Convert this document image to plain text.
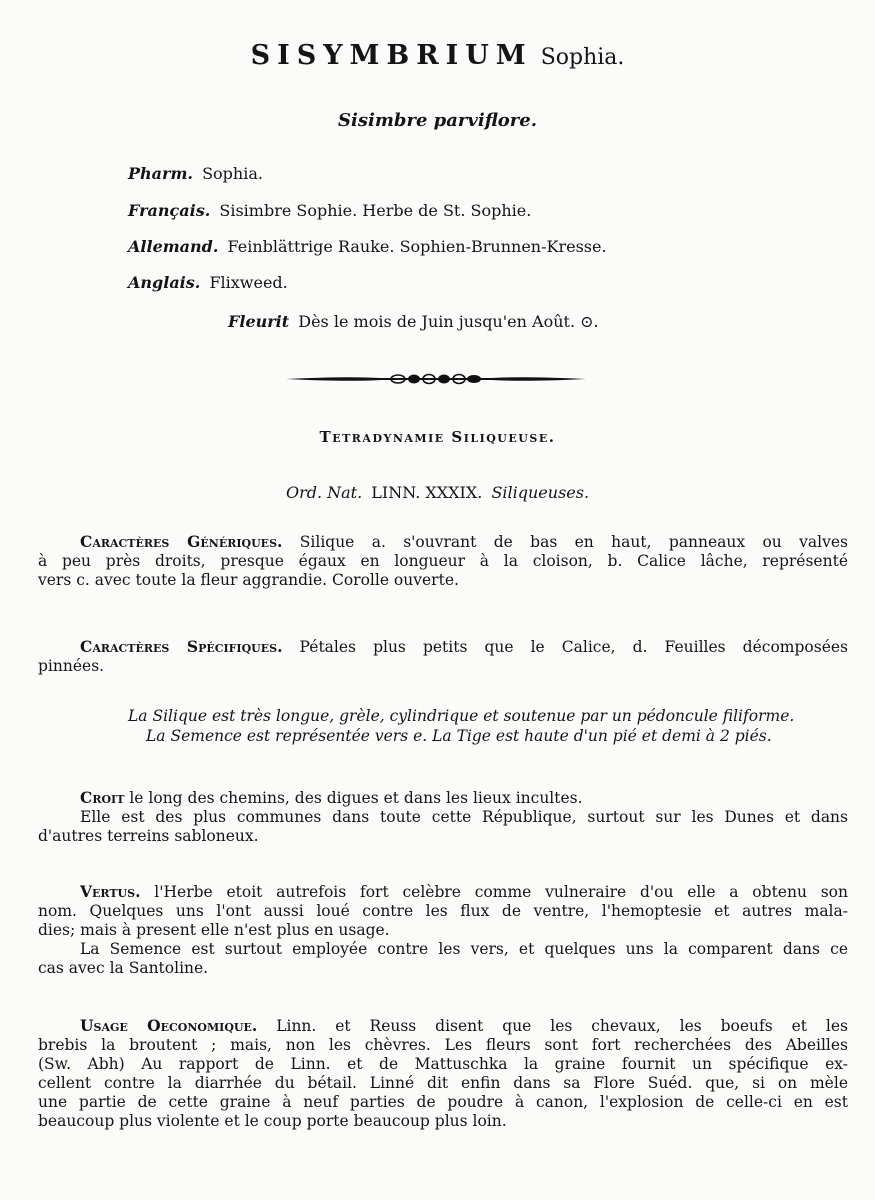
SISYMBRIUM Sophia.
Sisimbre parviflore.
Pharm. Sophia.
Français. Sisimbre Sophie. Herbe de St. Sophie.
Allemand. Feinblättrige Rauke. Sophien-Brunnen-Kresse.
Anglais. Flixweed.
Fleurit Dès le mois de Juin jusqu'en Août. ⊙.
Tetradynamie Siliqueuse.
Ord. Nat. LINN. XXXIX. Siliqueuses.
Caractères Génériques. Silique a. s'ouvrant de bas en haut, panneaux ou valves
à peu près droits, presque égaux en longueur à la cloison, b. Calice lâche, représenté
vers c. avec toute la fleur aggrandie. Corolle ouverte.
Caractères Spécifiques. Pétales plus petits que le Calice, d. Feuilles décomposées
pinnées.
La Silique est très longue, grèle, cylindrique et soutenue par un pédoncule filiforme.
La Semence est représentée vers e. La Tige est haute d'un pié et demi à 2 piés.
Croit le long des chemins, des digues et dans les lieux incultes.
Elle est des plus communes dans toute cette République, surtout sur les Dunes et dans
d'autres terreins sabloneux.
Vertus. l'Herbe etoit autrefois fort celèbre comme vulneraire d'ou elle a obtenu son
nom. Quelques uns l'ont aussi loué contre les flux de ventre, l'hemoptesie et autres mala-
dies; mais à present elle n'est plus en usage.
La Semence est surtout employée contre les vers, et quelques uns la comparent dans ce
cas avec la Santoline.
Usage Oeconomique. Linn. et Reuss disent que les chevaux, les boeufs et les
brebis la broutent ; mais, non les chèvres. Les fleurs sont fort recherchées des Abeilles
(Sw. Abh) Au rapport de Linn. et de Mattuschka la graine fournit un spécifique ex-
cellent contre la diarrhée du bétail. Linné dit enfin dans sa Flore Suéd. que, si on mèle
une partie de cette graine à neuf parties de poudre à canon, l'explosion de celle-ci en est
beaucoup plus violente et le coup porte beaucoup plus loin.
